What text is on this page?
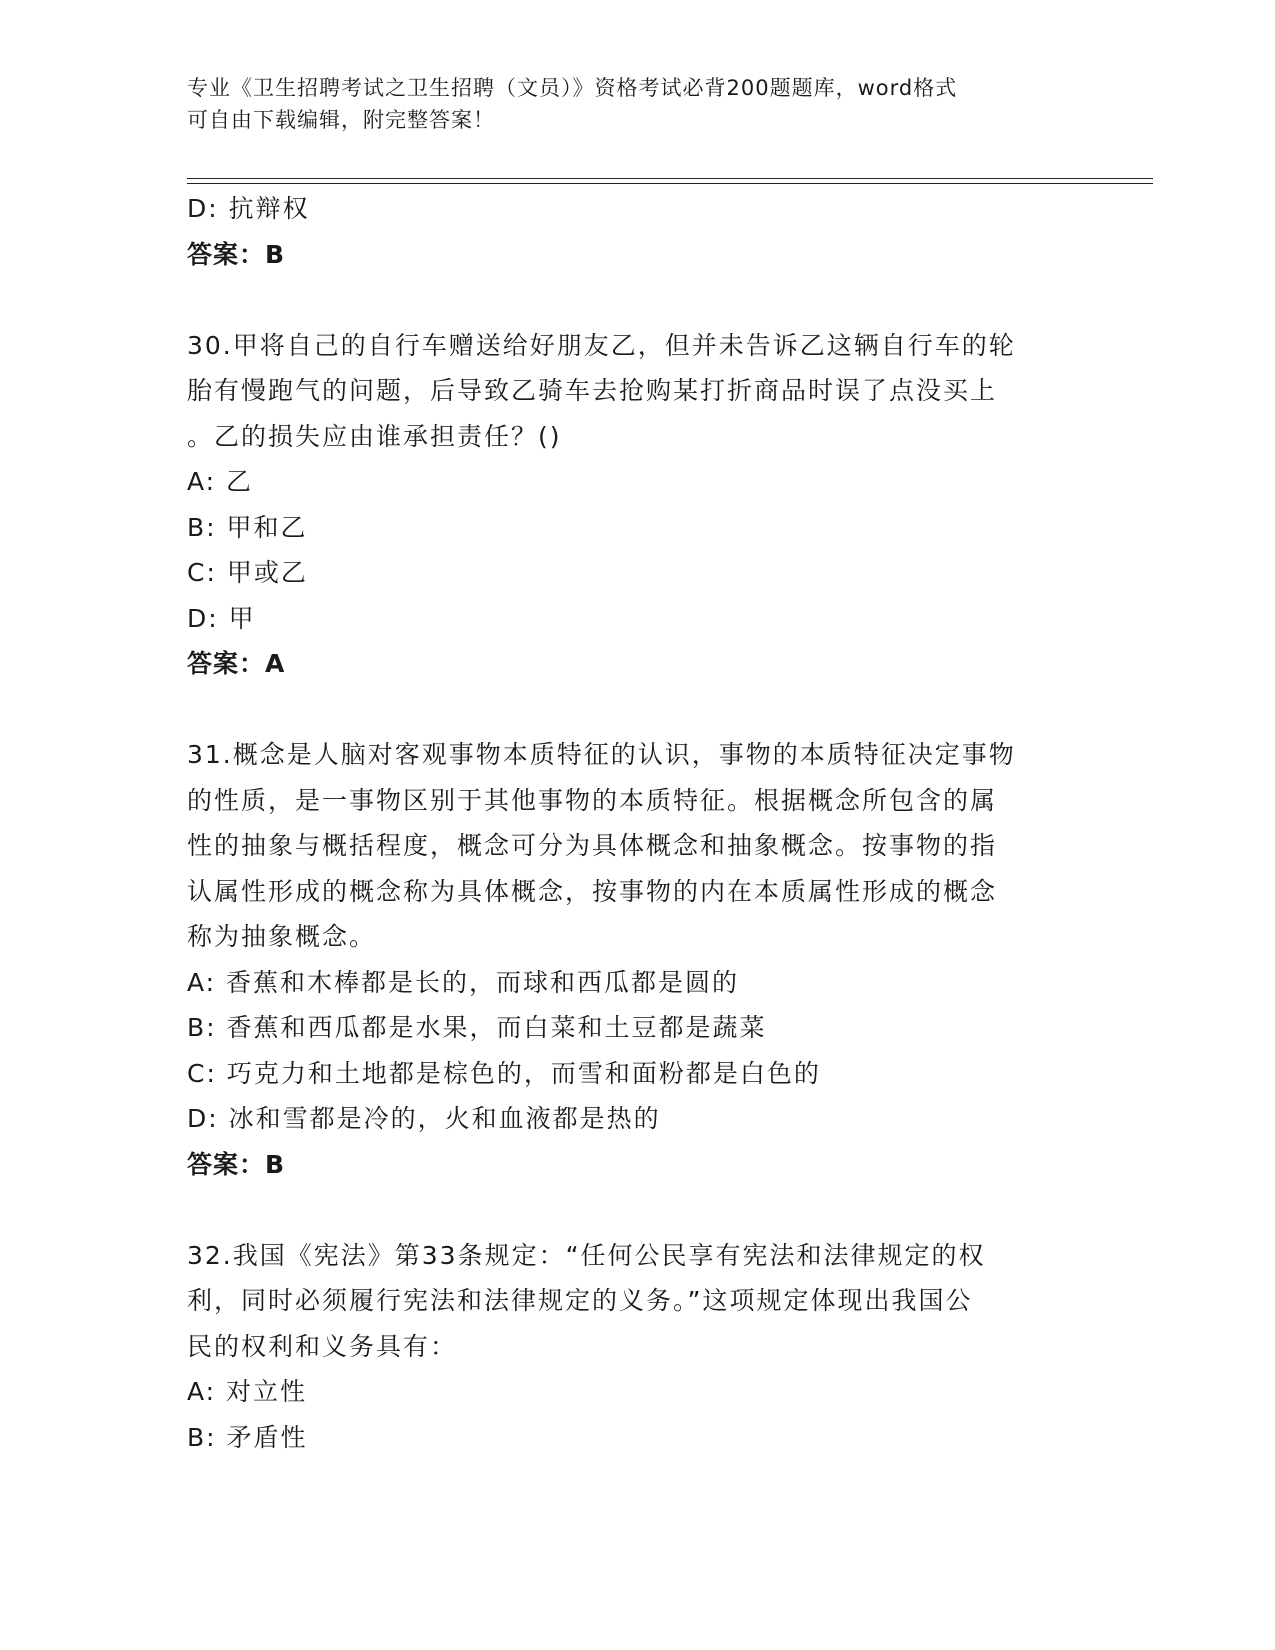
专业《卫生招聘考试之卫生招聘（文员）》资格考试必背200题题库，word格式
可自由下载编辑，附完整答案！
D: 抗辩权
答案：B
30.甲将自己的自行车赠送给好朋友乙，但并未告诉乙这辆自行车的轮
胎有慢跑气的问题，后导致乙骑车去抢购某打折商品时误了点没买上
。乙的损失应由谁承担责任？()
A: 乙
B: 甲和乙
C: 甲或乙
D: 甲
答案：A
31.概念是人脑对客观事物本质特征的认识，事物的本质特征决定事物
的性质，是一事物区别于其他事物的本质特征。根据概念所包含的属
性的抽象与概括程度，概念可分为具体概念和抽象概念。按事物的指
认属性形成的概念称为具体概念，按事物的内在本质属性形成的概念
称为抽象概念。
A: 香蕉和木棒都是长的，而球和西瓜都是圆的
B: 香蕉和西瓜都是水果，而白菜和土豆都是蔬菜
C: 巧克力和土地都是棕色的，而雪和面粉都是白色的
D: 冰和雪都是冷的，火和血液都是热的
答案：B
32.我国《宪法》第33条规定：“任何公民享有宪法和法律规定的权
利，同时必须履行宪法和法律规定的义务。”这项规定体现出我国公
民的权利和义务具有：
A: 对立性
B: 矛盾性
